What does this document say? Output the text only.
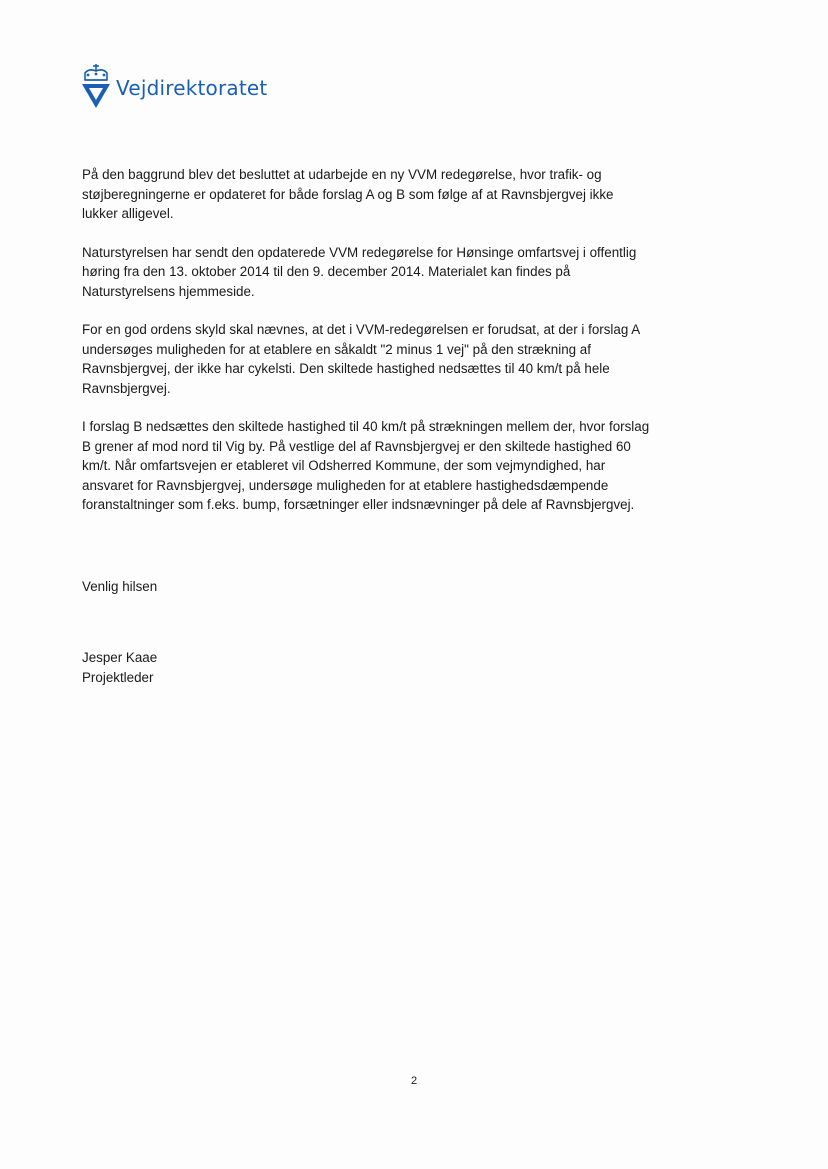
Vejdirektoratet

På den baggrund blev det besluttet at udarbejde en ny VVM redegørelse, hvor trafik- og støjberegningerne er opdateret for både forslag A og B som følge af at Ravnsbjergvej ikke lukker alligevel.

Naturstyrelsen har sendt den opdaterede VVM redegørelse for Hønsinge omfartsvej i offentlig høring fra den 13. oktober 2014 til den 9. december 2014. Materialet kan findes på Naturstyrelsens hjemmeside.

For en god ordens skyld skal nævnes, at det i VVM-redegørelsen er forudsat, at der i forslag A undersøges muligheden for at etablere en såkaldt "2 minus 1 vej" på den strækning af Ravnsbjergvej, der ikke har cykelsti. Den skiltede hastighed nedsættes til 40 km/t på hele Ravnsbjergvej.

I forslag B nedsættes den skiltede hastighed til 40 km/t på strækningen mellem der, hvor forslag B grener af mod nord til Vig by. På vestlige del af Ravnsbjergvej er den skiltede hastighed 60 km/t. Når omfartsvejen er etableret vil Odsherred Kommune, der som vejmyndighed, har ansvaret for Ravnsbjergvej, undersøge muligheden for at etablere hastighedsdæmpende foranstaltninger som f.eks. bump, forsætninger eller indsnævninger på dele af Ravnsbjergvej.

Venlig hilsen
Jesper Kaae
Projektleder
2
